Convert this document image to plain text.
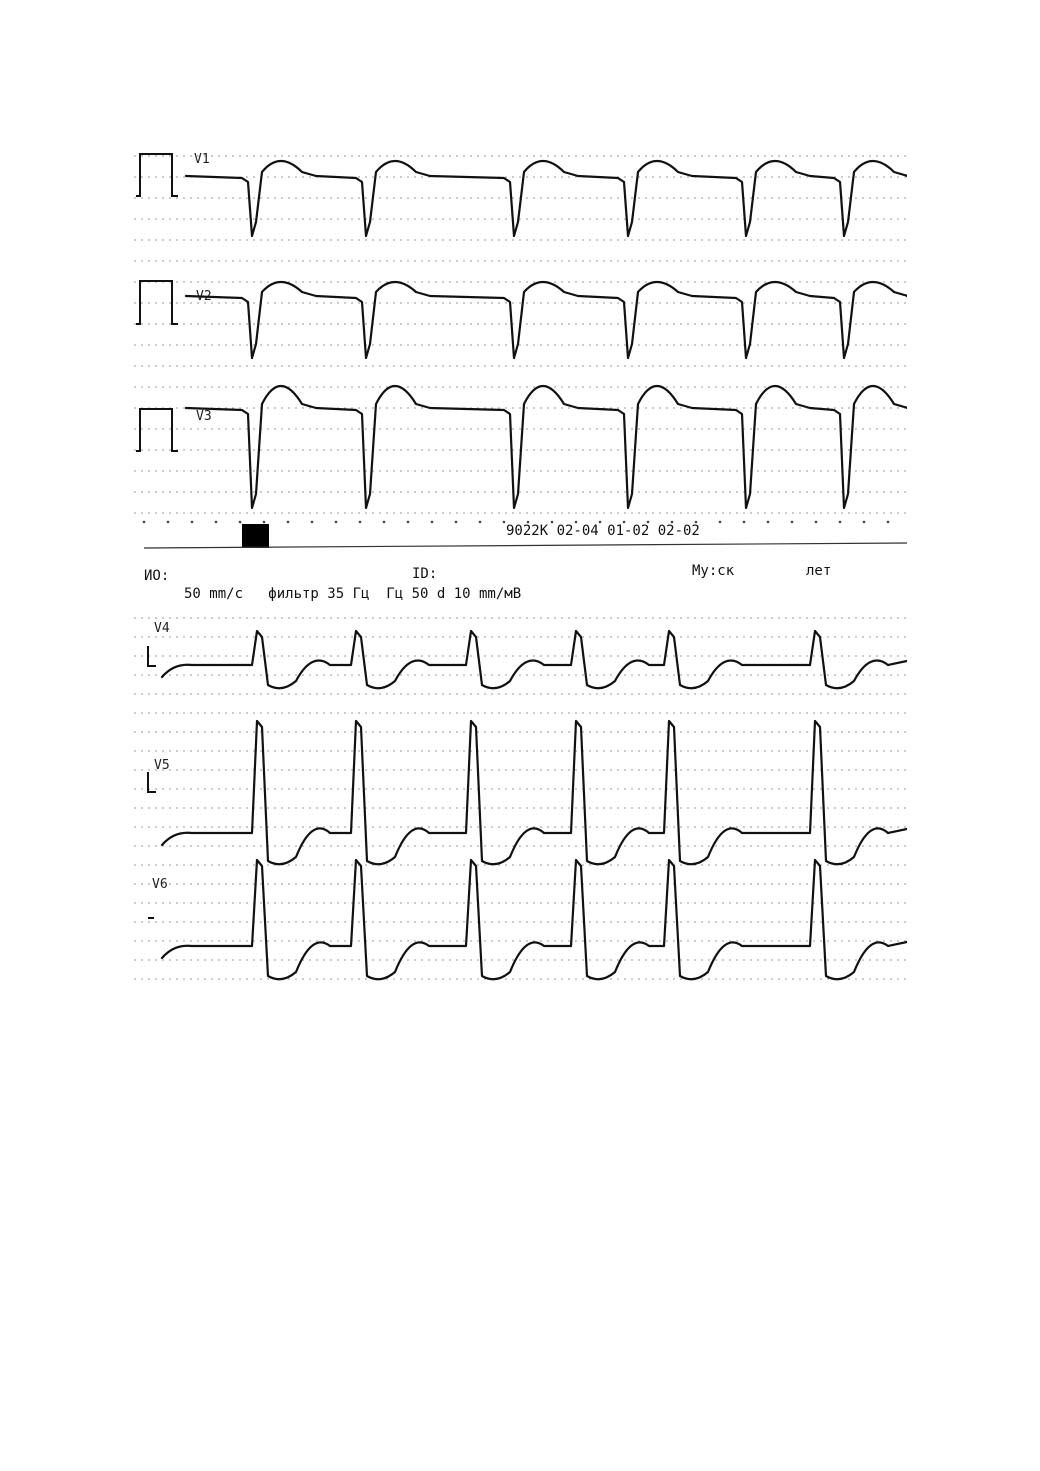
V1
V2
V3
9022К 02-04 01-02 02-02
ИО:	ID:	Му:ск	лет
50 mm/с   фильтр 35 Гц  Гц 50 d 10 mm/мВ
V4
V5
V6
